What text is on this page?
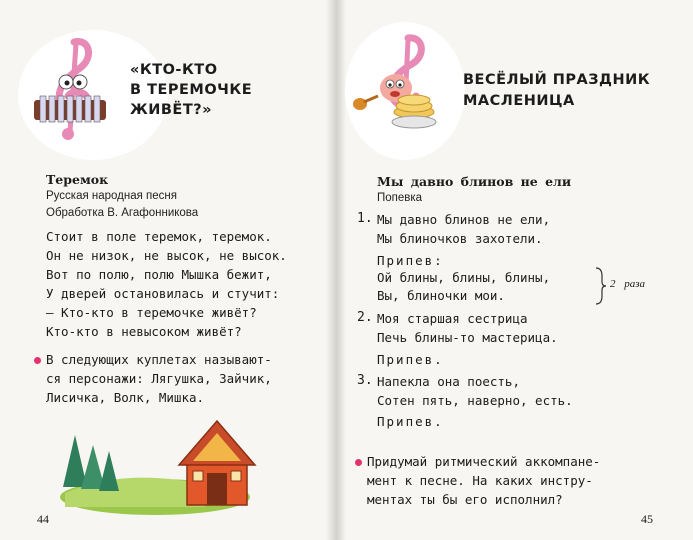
«КТО-КТО
В ТЕРЕМОЧКЕ
ЖИВЁТ?»
Теремок
Русская народная песня
Обработка В. Агафонникова
Стоит в поле теремок, теремок.
Он не низок, не высок, не высок.
Вот по полю, полю Мышка бежит,
У дверей остановилась и стучит:
— Кто-кто в теремочке живёт?
Кто-кто в невысоком живёт?
В следующих куплетах называют-
ся персонажи: Лягушка, Зайчик,
Лисичка, Волк, Мишка.
44
ВЕСЁЛЫЙ ПРАЗДНИК
МАСЛЕНИЦА
Мы давно блинов не ели
Попевка
1. Мы давно блинов не ели,
Мы блиночков захотели.
Припев:
Ой блины, блины, блины,
Вы, блиночки мои.
2 раза
2. Моя старшая сестрица
Печь блины-то мастерица.
Припев.
3. Напекла она поесть,
Сотен пять, наверно, есть.
Припев.
Придумай ритмический аккомпане-
мент к песне. На каких инстру-
ментах ты бы его исполнил?
45
